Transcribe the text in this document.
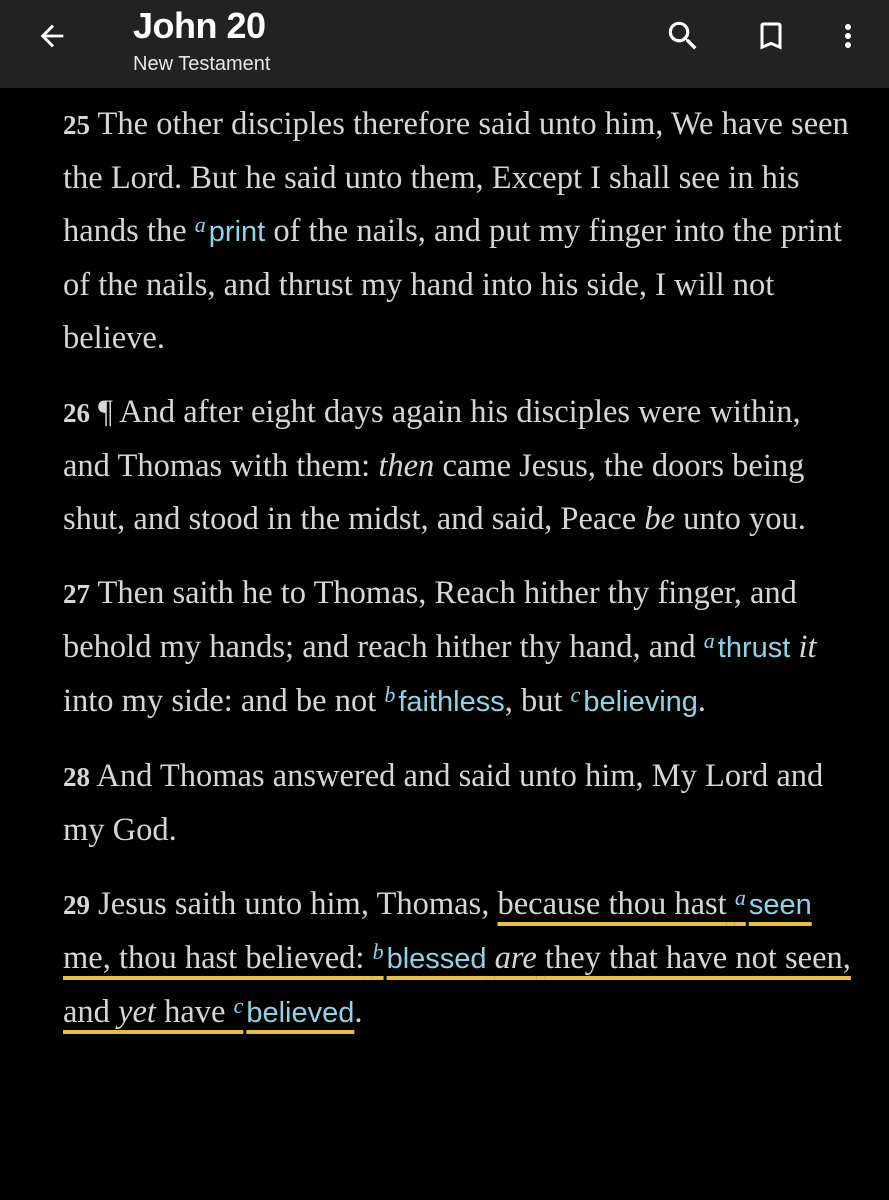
John 20
New Testament

25 The other disciples therefore said unto him, We have seen the Lord. But he said unto them, Except I shall see in his hands the $^a$ print of the nails, and put my finger into the print of the nails, and thrust my hand into his side, I will not believe.

26 ¶ And after eight days again his disciples were within, and Thomas with them: then came Jesus, the doors being shut, and stood in the midst, and said, Peace be unto you.

27 Then saith he to Thomas, Reach hither thy finger, and behold my hands; and reach hither thy hand, and $^a$ thrust it into my side: and be not $^b$ faithless, but $^c$ believing.

28 And Thomas answered and said unto him, My Lord and my God.

29 Jesus saith unto him, Thomas, because thou hast $^a$ seen me, thou hast believed: $^b$ blessed are they that have not seen, and yet have $^c$ believed.
